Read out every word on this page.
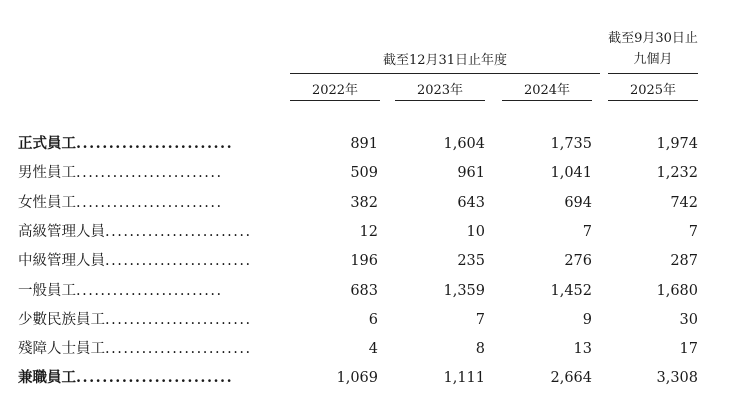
截至12月31日止年度
截至9月30日止
九個月
2022年	2023年	2024年	2025年
正式員工........................	891	1,604	1,735	1,974
男性員工........................	509	961	1,041	1,232
女性員工........................	382	643	694	742
高級管理人員........................	12	10	7	7
中級管理人員........................	196	235	276	287
一般員工........................	683	1,359	1,452	1,680
少數民族員工........................	6	7	9	30
殘障人士員工........................	4	8	13	17
兼職員工........................	1,069	1,111	2,664	3,308
